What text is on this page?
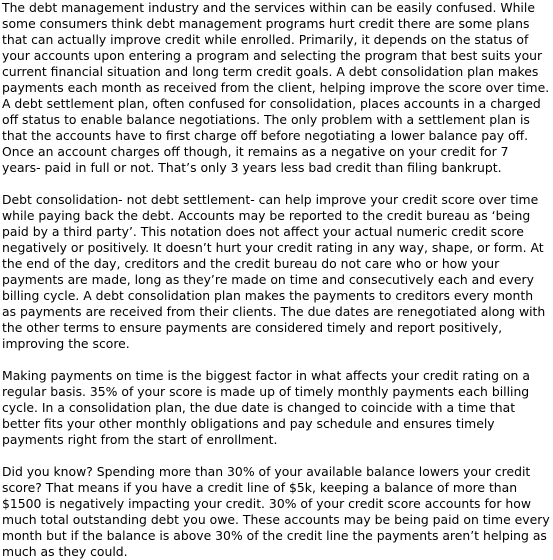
The debt management industry and the services within can be easily confused. While some consumers think debt management programs hurt credit there are some plans that can actually improve credit while enrolled. Primarily, it depends on the status of your accounts upon entering a program and selecting the program that best suits your current financial situation and long term credit goals. A debt consolidation plan makes payments each month as received from the client, helping improve the score over time. A debt settlement plan, often confused for consolidation, places accounts in a charged off status to enable balance negotiations. The only problem with a settlement plan is that the accounts have to first charge off before negotiating a lower balance pay off. Once an account charges off though, it remains as a negative on your credit for 7 years- paid in full or not. That’s only 3 years less bad credit than filing bankrupt.

Debt consolidation- not debt settlement- can help improve your credit score over time while paying back the debt. Accounts may be reported to the credit bureau as ‘being paid by a third party’. This notation does not affect your actual numeric credit score negatively or positively. It doesn’t hurt your credit rating in any way, shape, or form. At the end of the day, creditors and the credit bureau do not care who or how your payments are made, long as they’re made on time and consecutively each and every billing cycle. A debt consolidation plan makes the payments to creditors every month as payments are received from their clients. The due dates are renegotiated along with the other terms to ensure payments are considered timely and report positively, improving the score.

Making payments on time is the biggest factor in what affects your credit rating on a regular basis. 35% of your score is made up of timely monthly payments each billing cycle. In a consolidation plan, the due date is changed to coincide with a time that better fits your other monthly obligations and pay schedule and ensures timely payments right from the start of enrollment.

Did you know? Spending more than 30% of your available balance lowers your credit score? That means if you have a credit line of $5k, keeping a balance of more than $1500 is negatively impacting your credit. 30% of your credit score accounts for how much total outstanding debt you owe. These accounts may be being paid on time every month but if the balance is above 30% of the credit line the payments aren’t helping as much as they could.
